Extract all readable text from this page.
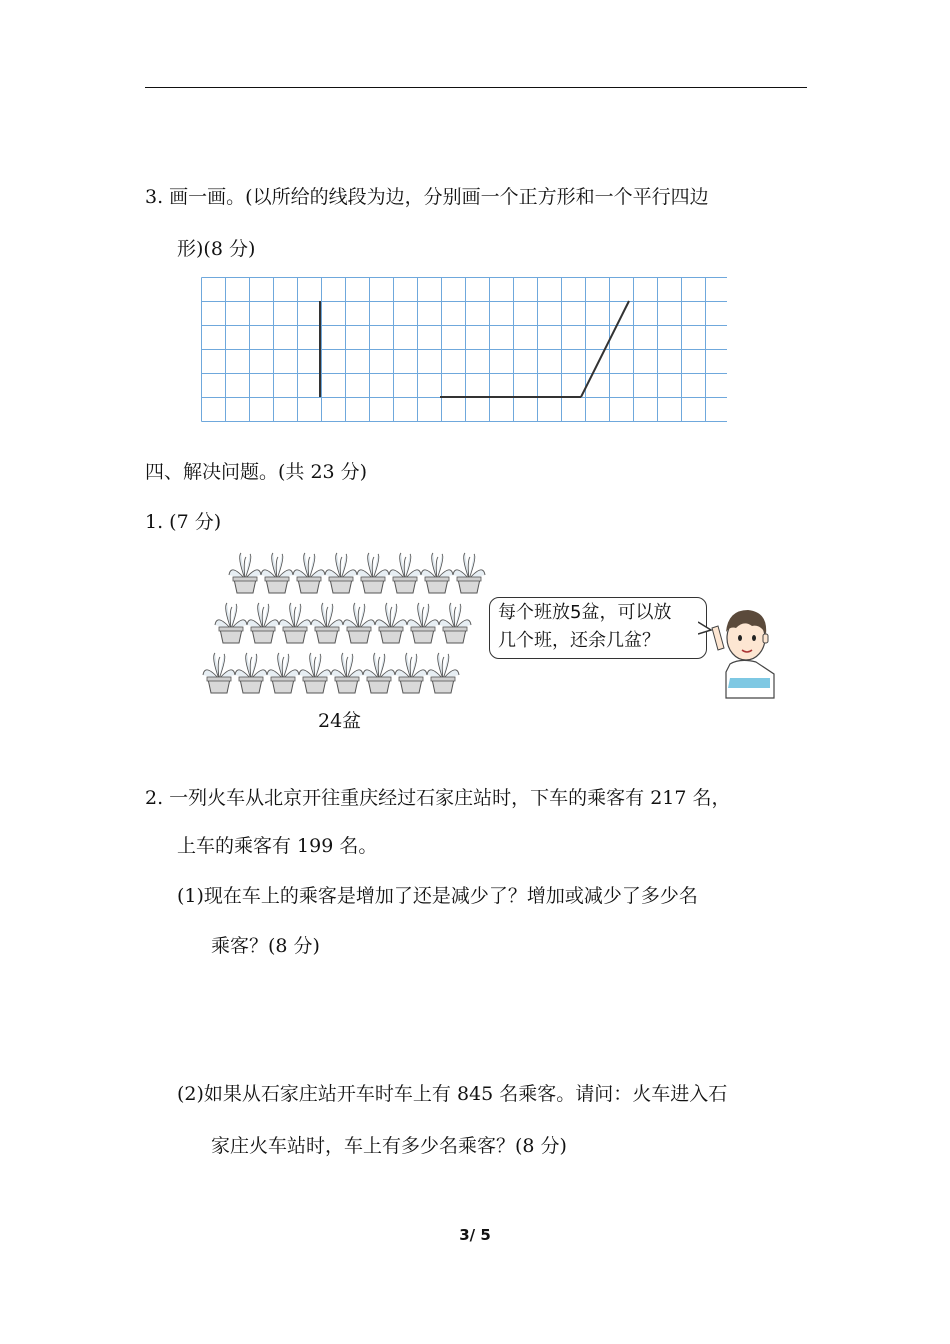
3. 画一画。(以所给的线段为边，分别画一个正方形和一个平行四边
形)(8 分)
四、解决问题。(共 23 分)
1. (7 分)
24盆
每个班放5盆，可以放
几个班，还余几盆？
2. 一列火车从北京开往重庆经过石家庄站时，下车的乘客有 217 名，
上车的乘客有 199 名。
(1)现在车上的乘客是增加了还是减少了？增加或减少了多少名
乘客？(8 分)
(2)如果从石家庄站开车时车上有 845 名乘客。请问：火车进入石
家庄火车站时，车上有多少名乘客？(8 分)
3/ 5
